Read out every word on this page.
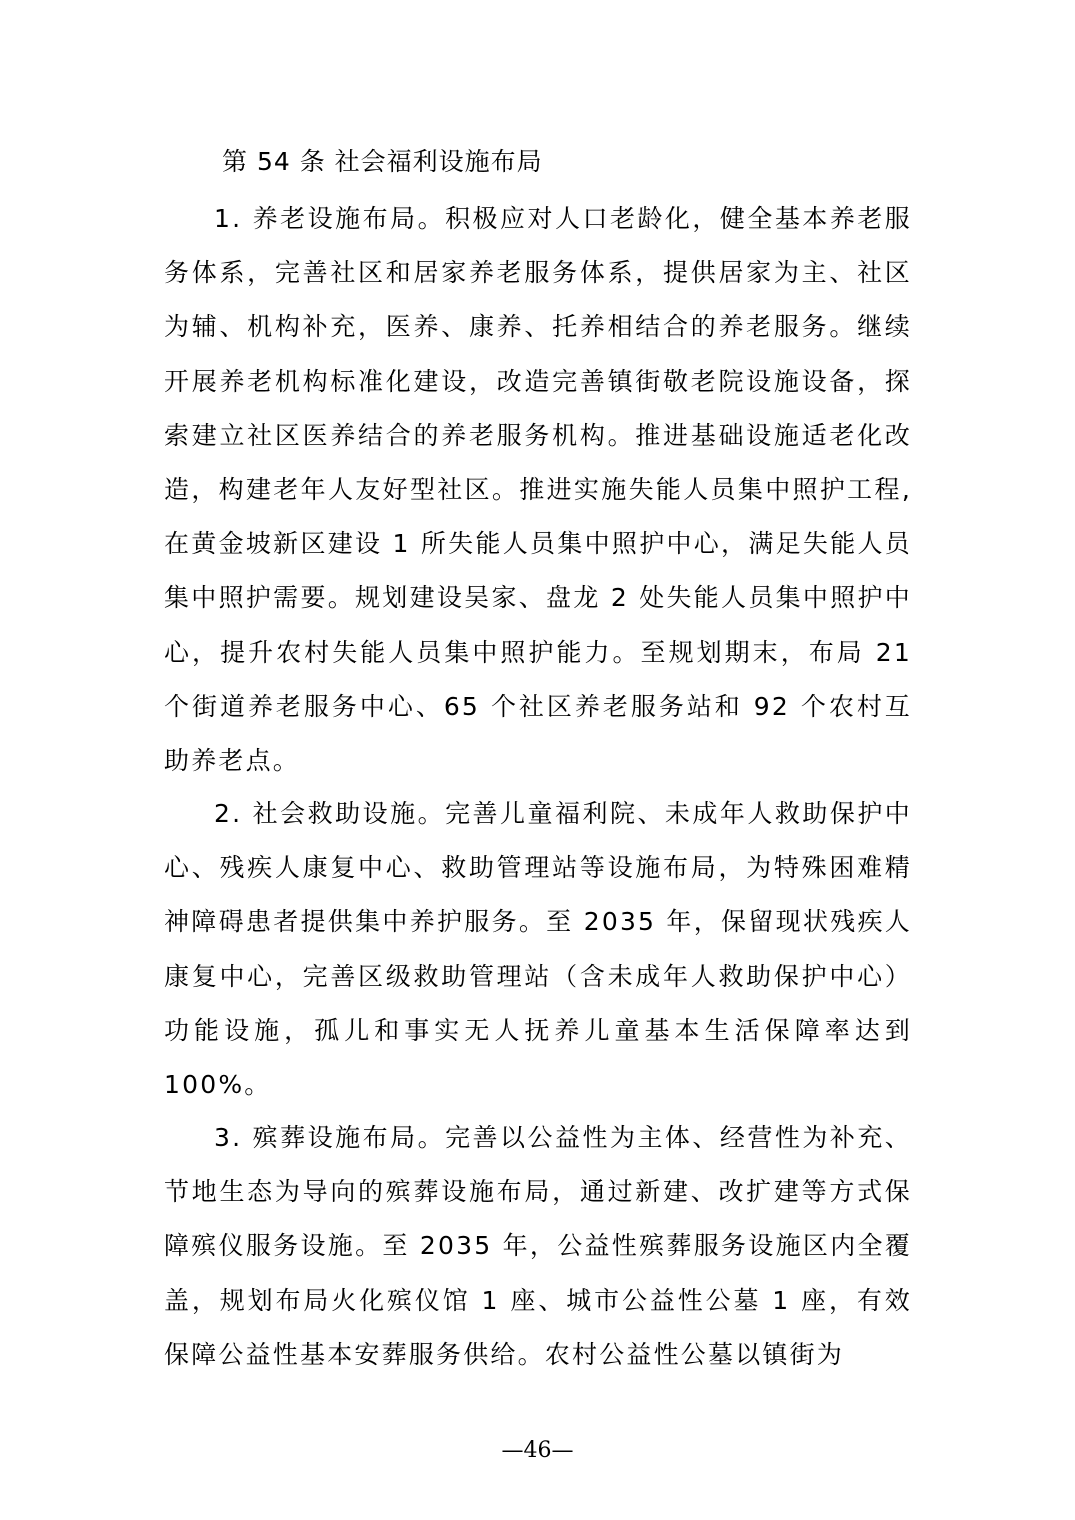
第 54 条 社会福利设施布局

1. 养老设施布局。积极应对人口老龄化，健全基本养老服务体系，完善社区和居家养老服务体系，提供居家为主、社区为辅、机构补充，医养、康养、托养相结合的养老服务。继续开展养老机构标准化建设，改造完善镇街敬老院设施设备，探索建立社区医养结合的养老服务机构。推进基础设施适老化改造，构建老年人友好型社区。推进实施失能人员集中照护工程,在黄金坡新区建设 1 所失能人员集中照护中心，满足失能人员集中照护需要。规划建设吴家、盘龙 2 处失能人员集中照护中心，提升农村失能人员集中照护能力。至规划期末，布局 21 个街道养老服务中心、65 个社区养老服务站和 92 个农村互助养老点。

2. 社会救助设施。完善儿童福利院、未成年人救助保护中心、残疾人康复中心、救助管理站等设施布局，为特殊困难精神障碍患者提供集中养护服务。至 2035 年，保留现状残疾人康复中心，完善区级救助管理站（含未成年人救助保护中心）功能设施，孤儿和事实无人抚养儿童基本生活保障率达到 100%。

3. 殡葬设施布局。完善以公益性为主体、经营性为补充、节地生态为导向的殡葬设施布局，通过新建、改扩建等方式保障殡仪服务设施。至 2035 年，公益性殡葬服务设施区内全覆盖，规划布局火化殡仪馆 1 座、城市公益性公墓 1 座，有效保障公益性基本安葬服务供给。农村公益性公墓以镇街为

—46—
